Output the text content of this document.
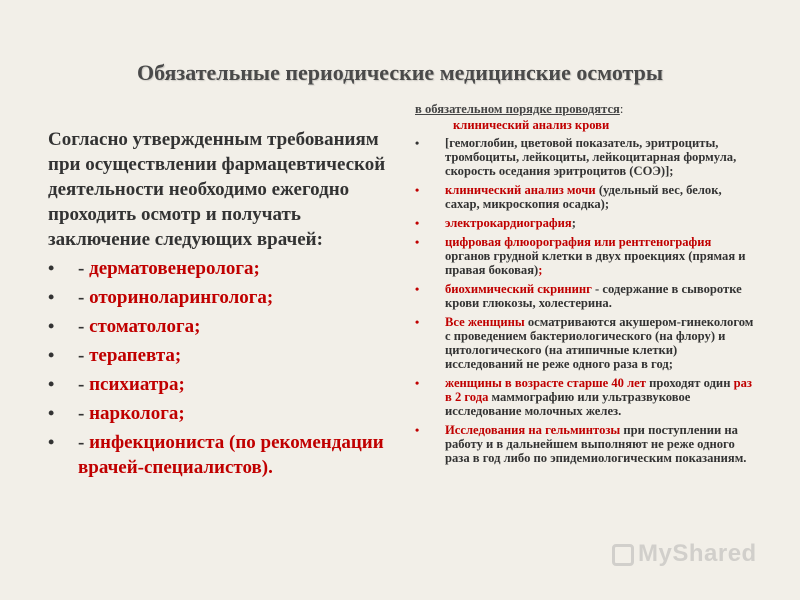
Обязательные периодические медицинские осмотры
Согласно утвержденным требованиям при осуществлении фармацевтической деятельности необходимо ежегодно проходить осмотр и получать заключение следующих врачей:
• - дерматовенеролога;
• - оториноларинголога;
• - стоматолога;
• - терапевта;
• - психиатра;
• - нарколога;
• - инфекциониста (по рекомендации врачей-специалистов).
в обязательном порядке проводятся:
клинический анализ крови
• [гемоглобин, цветовой показатель, эритроциты, тромбоциты, лейкоциты, лейкоцитарная формула, скорость оседания эритроцитов (СОЭ)];
• клинический анализ мочи (удельный вес, белок, сахар, микроскопия осадка);
• электрокардиография;
• цифровая флюорография или рентгенография органов грудной клетки в двух проекциях (прямая и правая боковая);
• биохимический скрининг - содержание в сыворотке крови глюкозы, холестерина.
• Все женщины осматриваются акушером-гинекологом с проведением бактериологического (на флору) и цитологического (на атипичные клетки) исследований не реже одного раза в год;
• женщины в возрасте старше 40 лет проходят один раз в 2 года маммографию или ультразвуковое исследование молочных желез.
• Исследования на гельминтозы при поступлении на работу и в дальнейшем выполняют не реже одного раза в год либо по эпидемиологическим показаниям.
MyShared
